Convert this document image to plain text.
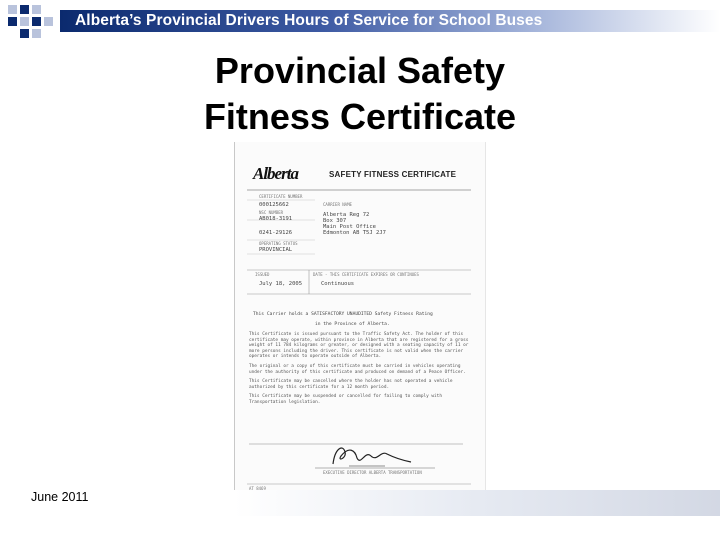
Alberta’s Provincial Drivers Hours of Service for School Buses
Provincial Safety
Fitness Certificate
Alberta	SAFETY FITNESS CERTIFICATE
CERTIFICATE NUMBER
000125662
NSC NUMBER
AB018-3191
0241-29126
OPERATING STATUS
PROVINCIAL
CARRIER NAME
Alberta Reg 72
Box 307
Main Post Office
Edmonton AB T5J 2J7
ISSUED
July 18, 2005
DATE - THIS CERTIFICATE EXPIRES OR CONTINUES
Continuous
This Carrier holds a SATISFACTORY UNAUDITED Safety Fitness Rating
in the Province of Alberta.

This Certificate is issued pursuant to the Traffic Safety Act. The holder of this certificate may operate, within province in Alberta that are registered for a gross weight of 11 784 kilograms or greater, or designed with a seating capacity of 11 or more persons including the driver. This certificate is not valid when the carrier operates or intends to operate outside of Alberta.

The original or a copy of this certificate must be carried in vehicles operating under the authority of this certificate and produced on demand of a Peace Officer.

This Certificate may be cancelled where the holder has not operated a vehicle authorized by this certificate for a 12 month period.

This Certificate may be suspended or cancelled for failing to comply with Transportation legislation.

EXECUTIVE DIRECTOR ALBERTA TRANSPORTATION
AT 8469
June 2011
